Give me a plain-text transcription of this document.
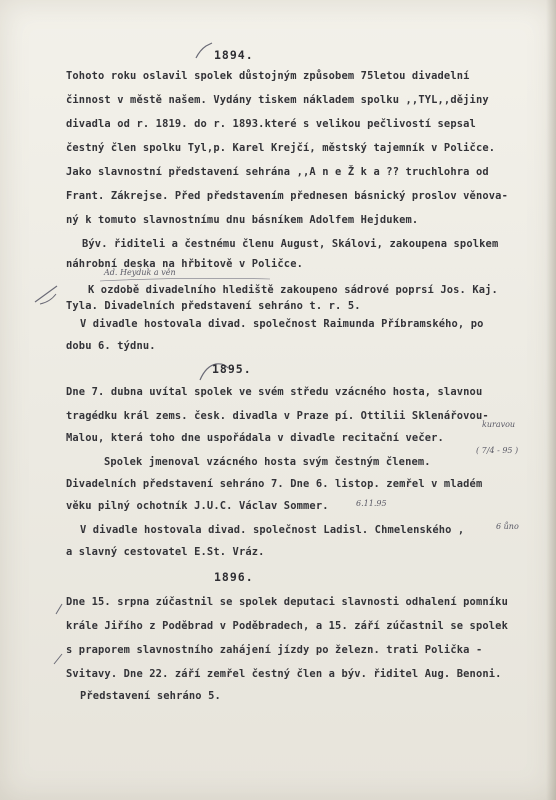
1894.
Tohoto roku oslavil spolek důstojným způsobem 75letou divadelní
činnost v městě našem. Vydány tiskem nákladem spolku ,,TYL,,dějiny
divadla od r. 1819. do r. 1893.které s velikou pečlivostí sepsal
čestný člen spolku Tyl,p. Karel Krejčí, městský tajemník v Poličce.
Jako slavnostní představení sehrána ,,A n e Ž k a ?? truchlohra od
Frant. Zákrejse. Před představením přednesen básnický proslov věnova-
ný k tomuto slavnostnímu dnu básníkem Adolfem Hejdukem.
Býv. řiditeli a čestnému členu August, Skálovi, zakoupena spolkem
náhrobní deska na hřbitově v Poličce.
Ad. Heyduk a věn
K ozdobě divadelního hlediště zakoupeno sádrové poprsí Jos. Kaj.
Tyla. Divadelních představení sehráno t. r. 5.
V divadle hostovala divad. společnost Raimunda Příbramského, po
dobu 6. týdnu.
1895.
Dne 7. dubna uvítal spolek ve svém středu vzácného hosta, slavnou
tragédku král zems. česk. divadla v Praze pí. Ottilii Sklenářovou-
kuravou
Malou, která toho dne uspořádala v divadle recitační večer.
( 7/4 - 95 )
Spolek jmenoval vzácného hosta svým čestným členem.
Divadelních představení sehráno 7. Dne 6. listop. zemřel v mladém
věku pilný ochotník J.U.C. Václav Sommer.	6.11.95
V divadle hostovala divad. společnost Ladisl. Chmelenského ,	6 ůno
a slavný cestovatel E.St. Vráz.
1896.
Dne 15. srpna zúčastnil se spolek deputaci slavnosti odhalení pomníku
krále Jiřího z Poděbrad v Poděbradech, a 15. září zúčastnil se spolek
s praporem slavnostního zahájení jízdy po železn. trati Polička -
Svitavy. Dne 22. září zemřel čestný člen a býv. řiditel Aug. Benoni.
Představení sehráno 5.
